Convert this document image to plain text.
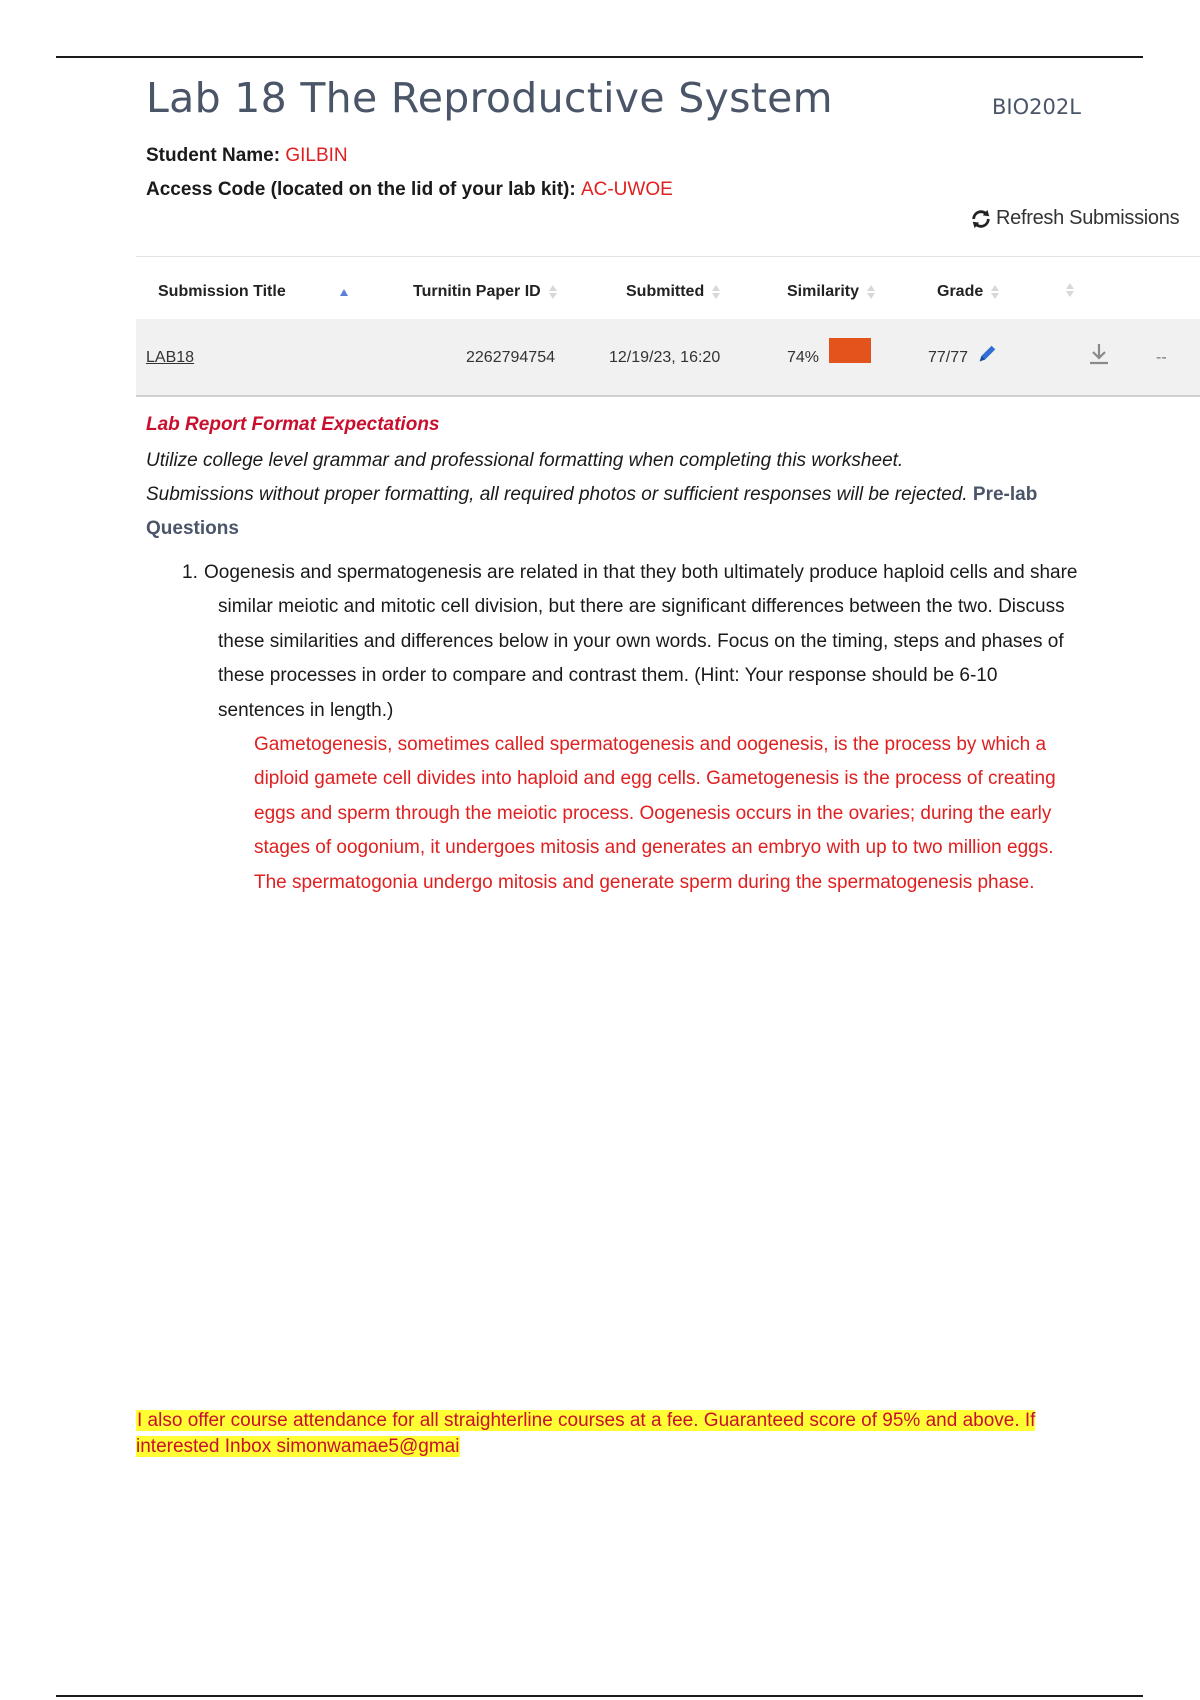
Lab 18 The Reproductive System	BIO202L
Student Name: GILBIN
Access Code (located on the lid of your lab kit): AC-UWOE
Refresh Submissions
Submission Title	Turnitin Paper ID	Submitted	Similarity	Grade
LAB18	2262794754	12/19/23, 16:20	74%	77/77	--
Lab Report Format Expectations

Utilize college level grammar and professional formatting when completing this worksheet.
Submissions without proper formatting, all required photos or sufficient responses will be rejected. Pre-lab Questions

1. Oogenesis and spermatogenesis are related in that they both ultimately produce haploid cells and share similar meiotic and mitotic cell division, but there are significant differences between the two. Discuss these similarities and differences below in your own words. Focus on the timing, steps and phases of these processes in order to compare and contrast them. (Hint: Your response should be 6-10 sentences in length.)
Gametogenesis, sometimes called spermatogenesis and oogenesis, is the process by which a diploid gamete cell divides into haploid and egg cells. Gametogenesis is the process of creating eggs and sperm through the meiotic process. Oogenesis occurs in the ovaries; during the early stages of oogonium, it undergoes mitosis and generates an embryo with up to two million eggs. The spermatogonia undergo mitosis and generate sperm during the spermatogenesis phase.

I also offer course attendance for all straighterline courses at a fee. Guaranteed score of 95% and above. If interested Inbox simonwamae5@gmai
